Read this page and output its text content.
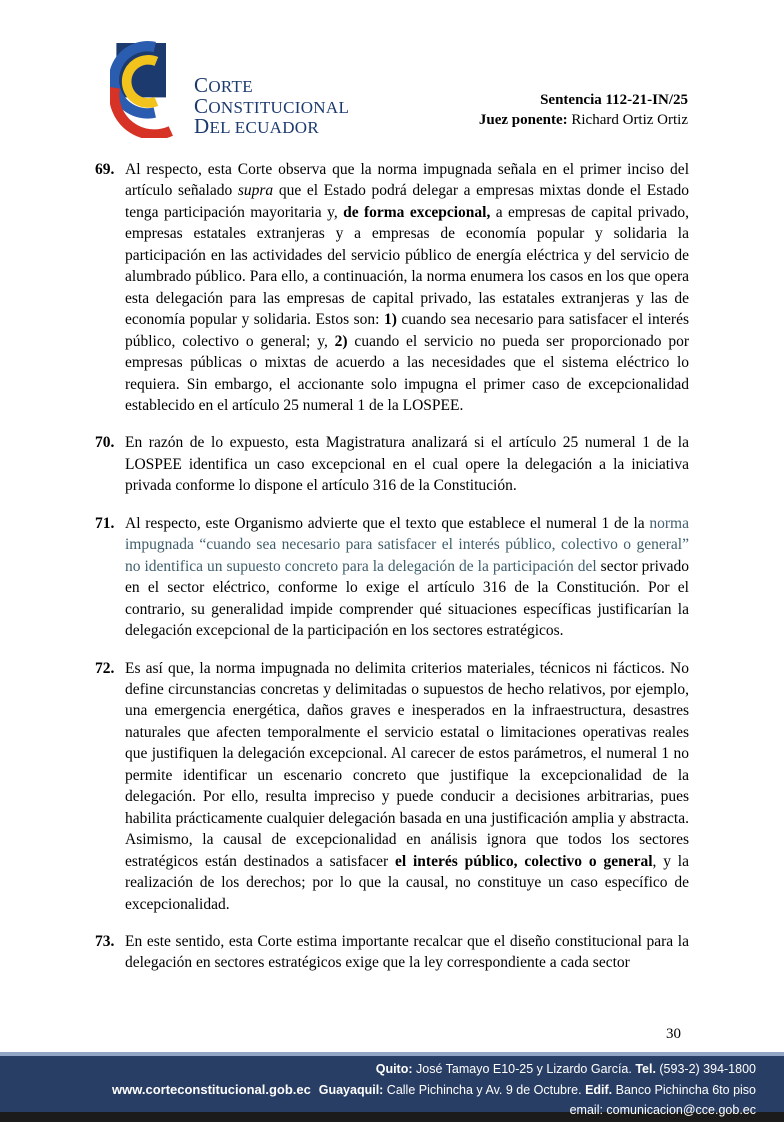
CORTE
CONSTITUCIONAL
DEL ECUADOR
Sentencia 112-21-IN/25
Juez ponente: Richard Ortiz Ortiz
69. Al respecto, esta Corte observa que la norma impugnada señala en el primer inciso del artículo señalado supra que el Estado podrá delegar a empresas mixtas donde el Estado tenga participación mayoritaria y, de forma excepcional, a empresas de capital privado, empresas estatales extranjeras y a empresas de economía popular y solidaria la participación en las actividades del servicio público de energía eléctrica y del servicio de alumbrado público. Para ello, a continuación, la norma enumera los casos en los que opera esta delegación para las empresas de capital privado, las estatales extranjeras y las de economía popular y solidaria. Estos son: 1) cuando sea necesario para satisfacer el interés público, colectivo o general; y, 2) cuando el servicio no pueda ser proporcionado por empresas públicas o mixtas de acuerdo a las necesidades que el sistema eléctrico lo requiera. Sin embargo, el accionante solo impugna el primer caso de excepcionalidad establecido en el artículo 25 numeral 1 de la LOSPEE.
70. En razón de lo expuesto, esta Magistratura analizará si el artículo 25 numeral 1 de la LOSPEE identifica un caso excepcional en el cual opere la delegación a la iniciativa privada conforme lo dispone el artículo 316 de la Constitución.
71. Al respecto, este Organismo advierte que el texto que establece el numeral 1 de la norma impugnada “cuando sea necesario para satisfacer el interés público, colectivo o general” no identifica un supuesto concreto para la delegación de la participación del sector privado en el sector eléctrico, conforme lo exige el artículo 316 de la Constitución. Por el contrario, su generalidad impide comprender qué situaciones específicas justificarían la delegación excepcional de la participación en los sectores estratégicos.
72. Es así que, la norma impugnada no delimita criterios materiales, técnicos ni fácticos. No define circunstancias concretas y delimitadas o supuestos de hecho relativos, por ejemplo, una emergencia energética, daños graves e inesperados en la infraestructura, desastres naturales que afecten temporalmente el servicio estatal o limitaciones operativas reales que justifiquen la delegación excepcional. Al carecer de estos parámetros, el numeral 1 no permite identificar un escenario concreto que justifique la excepcionalidad de la delegación. Por ello, resulta impreciso y puede conducir a decisiones arbitrarias, pues habilita prácticamente cualquier delegación basada en una justificación amplia y abstracta. Asimismo, la causal de excepcionalidad en análisis ignora que todos los sectores estratégicos están destinados a satisfacer el interés público, colectivo o general, y la realización de los derechos; por lo que la causal, no constituye un caso específico de excepcionalidad.
73. En este sentido, esta Corte estima importante recalcar que el diseño constitucional para la delegación en sectores estratégicos exige que la ley correspondiente a cada sector
30
www.corteconstitucional.gob.ec
Quito: José Tamayo E10-25 y Lizardo García. Tel. (593-2) 394-1800
Guayaquil: Calle Pichincha y Av. 9 de Octubre. Edif. Banco Pichincha 6to piso
email: comunicacion@cce.gob.ec
